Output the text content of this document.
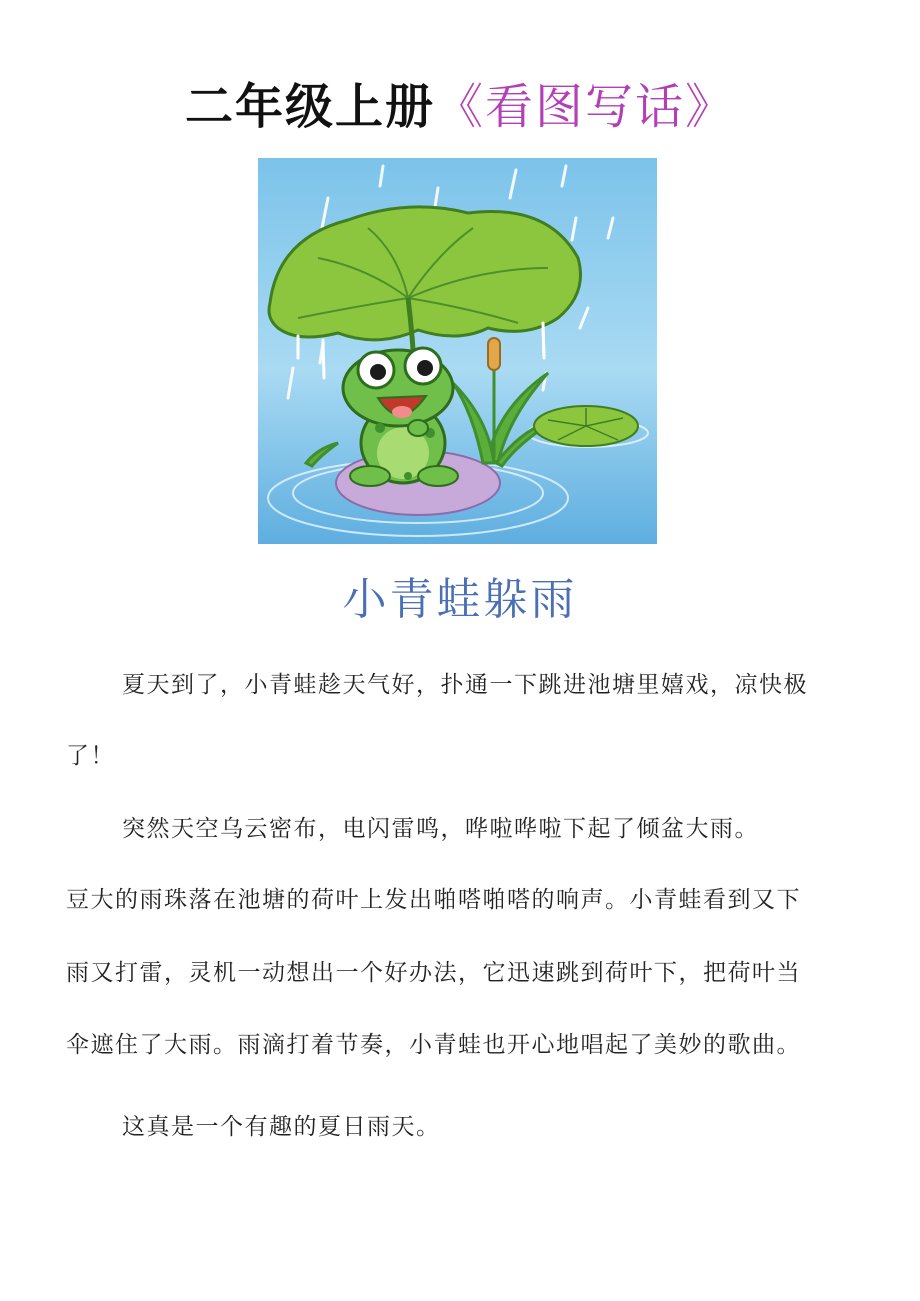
二年级上册《看图写话》
小青蛙躲雨
夏天到了，小青蛙趁天气好，扑通一下跳进池塘里嬉戏，凉快极
了！
突然天空乌云密布，电闪雷鸣，哗啦哗啦下起了倾盆大雨。
豆大的雨珠落在池塘的荷叶上发出啪嗒啪嗒的响声。小青蛙看到又下
雨又打雷，灵机一动想出一个好办法，它迅速跳到荷叶下，把荷叶当
伞遮住了大雨。雨滴打着节奏，小青蛙也开心地唱起了美妙的歌曲。
这真是一个有趣的夏日雨天。
